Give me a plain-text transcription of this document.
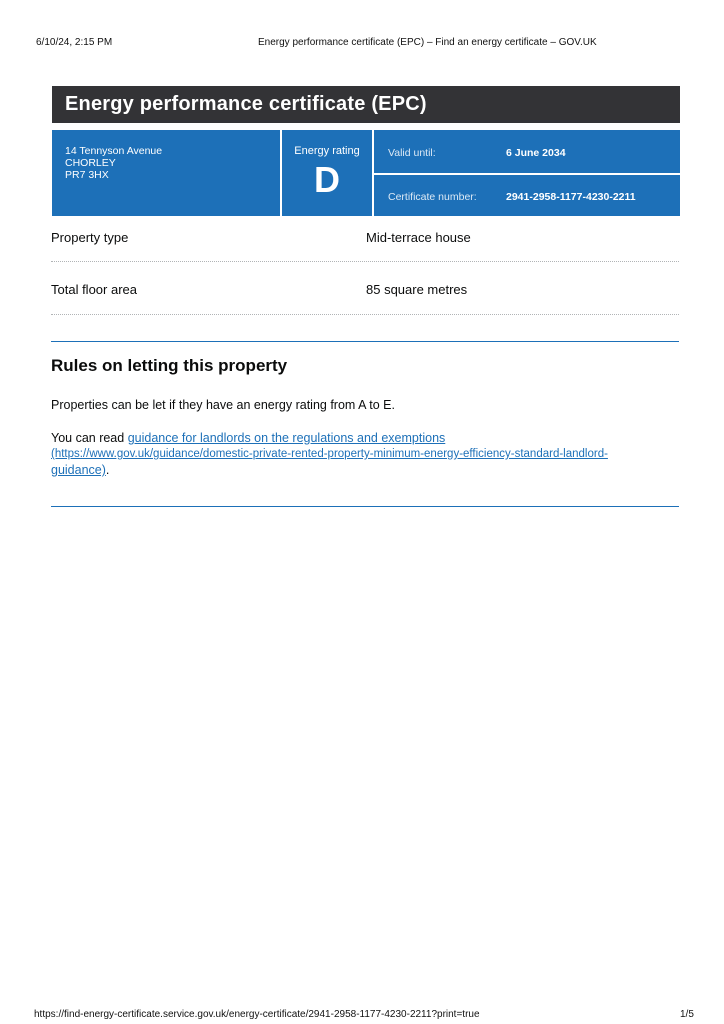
6/10/24, 2:15 PM	Energy performance certificate (EPC) – Find an energy certificate – GOV.UK
Energy performance certificate (EPC)
14 Tennyson Avenue
CHORLEY
PR7 3HX
Energy rating
D
Valid until:	6 June 2034
Certificate number:	2941-2958-1177-4230-2211
Property type	Mid-terrace house
Total floor area	85 square metres
Rules on letting this property

Properties can be let if they have an energy rating from A to E.

You can read guidance for landlords on the regulations and exemptions
(https://www.gov.uk/guidance/domestic-private-rented-property-minimum-energy-efficiency-standard-landlord-
guidance).

https://find-energy-certificate.service.gov.uk/energy-certificate/2941-2958-1177-4230-2211?print=true	1/5
